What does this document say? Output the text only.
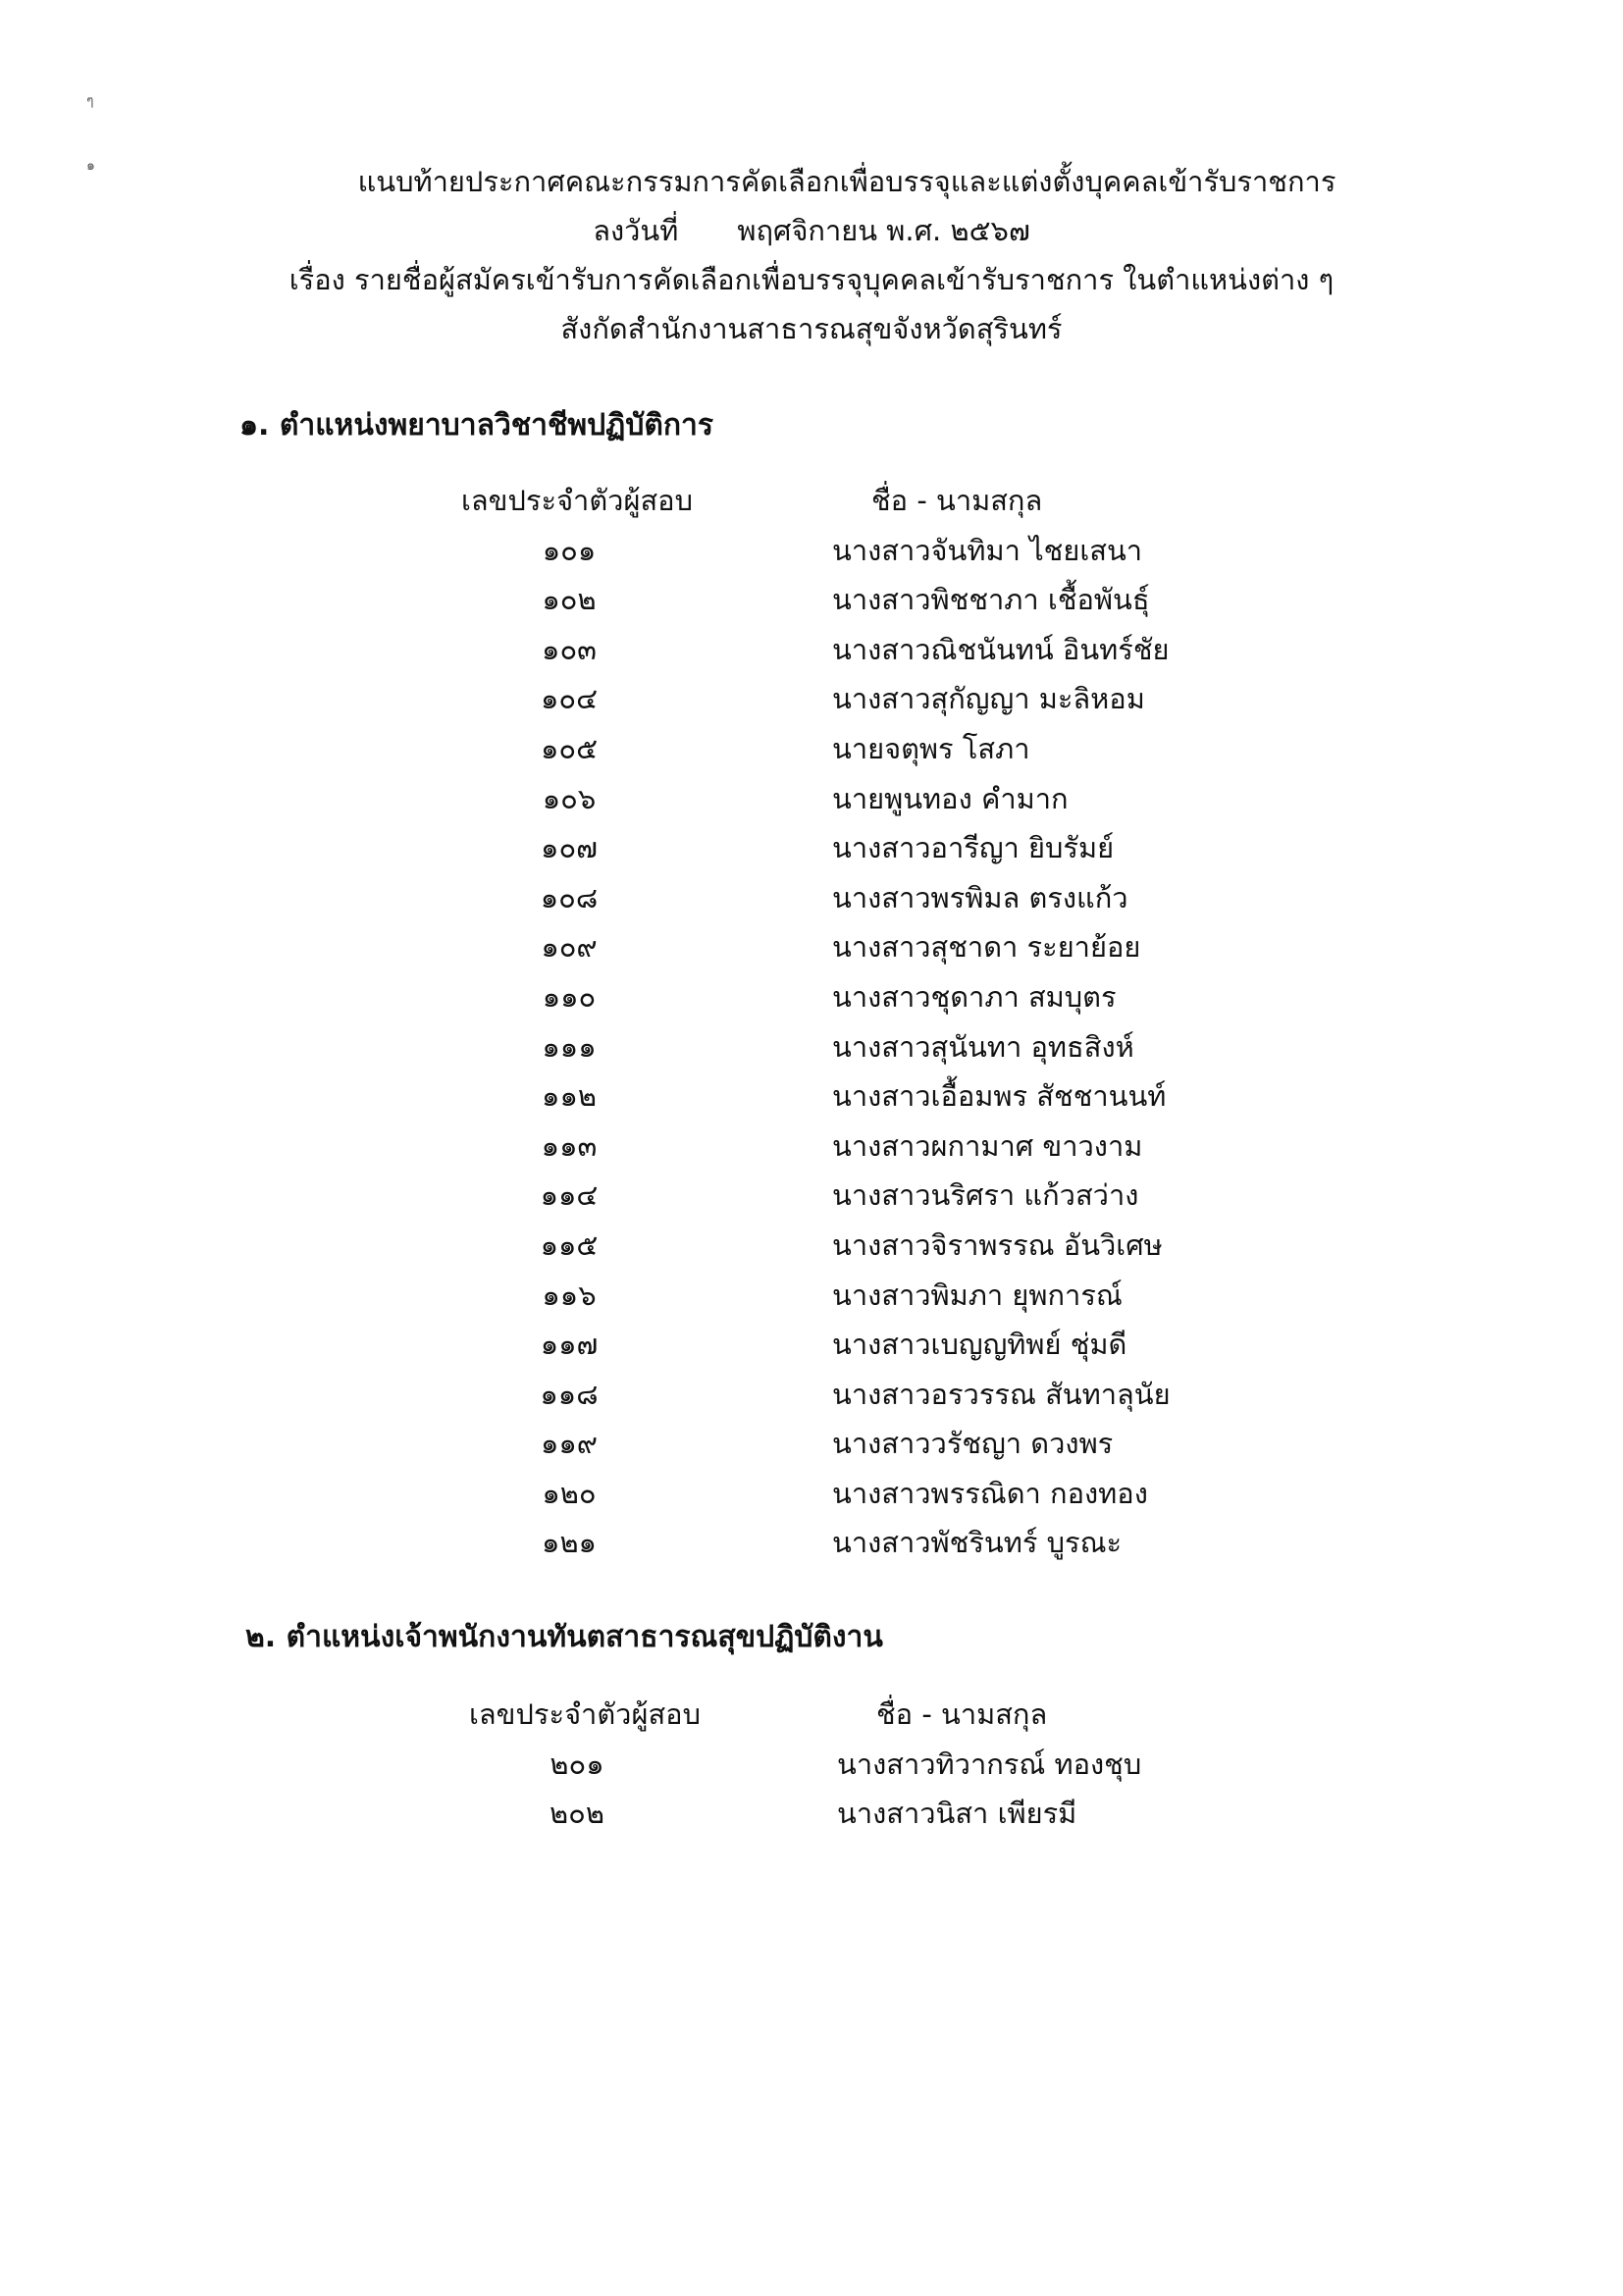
ๆ
๑	แนบท้ายประกาศคณะกรรมการคัดเลือกเพื่อบรรจุและแต่งตั้งบุคคลเข้ารับราชการ
ลงวันที่ พฤศจิกายน พ.ศ. ๒๕๖๗
เรื่อง รายชื่อผู้สมัครเข้ารับการคัดเลือกเพื่อบรรจุบุคคลเข้ารับราชการ ในตำแหน่งต่าง ๆ
สังกัดสำนักงานสาธารณสุขจังหวัดสุรินทร์
๑. ตำแหน่งพยาบาลวิชาชีพปฏิบัติการ
เลขประจำตัวผู้สอบ	ชื่อ - นามสกุล
๑๐๑	นางสาวจันทิมา ไชยเสนา
๑๐๒	นางสาวพิชชาภา เชื้อพันธุ์
๑๐๓	นางสาวณิชนันทน์ อินทร์ชัย
๑๐๔	นางสาวสุกัญญา มะลิหอม
๑๐๕	นายจตุพร โสภา
๑๐๖	นายพูนทอง คำมาก
๑๐๗	นางสาวอารีญา ยิบรัมย์
๑๐๘	นางสาวพรพิมล ตรงแก้ว
๑๐๙	นางสาวสุชาดา ระยาย้อย
๑๑๐	นางสาวชุดาภา สมบุตร
๑๑๑	นางสาวสุนันทา อุทธสิงห์
๑๑๒	นางสาวเอื้อมพร สัชชานนท์
๑๑๓	นางสาวผกามาศ ขาวงาม
๑๑๔	นางสาวนริศรา แก้วสว่าง
๑๑๕	นางสาวจิราพรรณ อันวิเศษ
๑๑๖	นางสาวพิมภา ยุพการณ์
๑๑๗	นางสาวเบญญทิพย์ ชุ่มดี
๑๑๘	นางสาวอรวรรณ สันทาลุนัย
๑๑๙	นางสาววรัชญา ดวงพร
๑๒๐	นางสาวพรรณิดา กองทอง
๑๒๑	นางสาวพัชรินทร์ บูรณะ
๒. ตำแหน่งเจ้าพนักงานทันตสาธารณสุขปฏิบัติงาน
เลขประจำตัวผู้สอบ	ชื่อ - นามสกุล
๒๐๑	นางสาวทิวากรณ์ ทองชุบ
๒๐๒	นางสาวนิสา เพียรมี
